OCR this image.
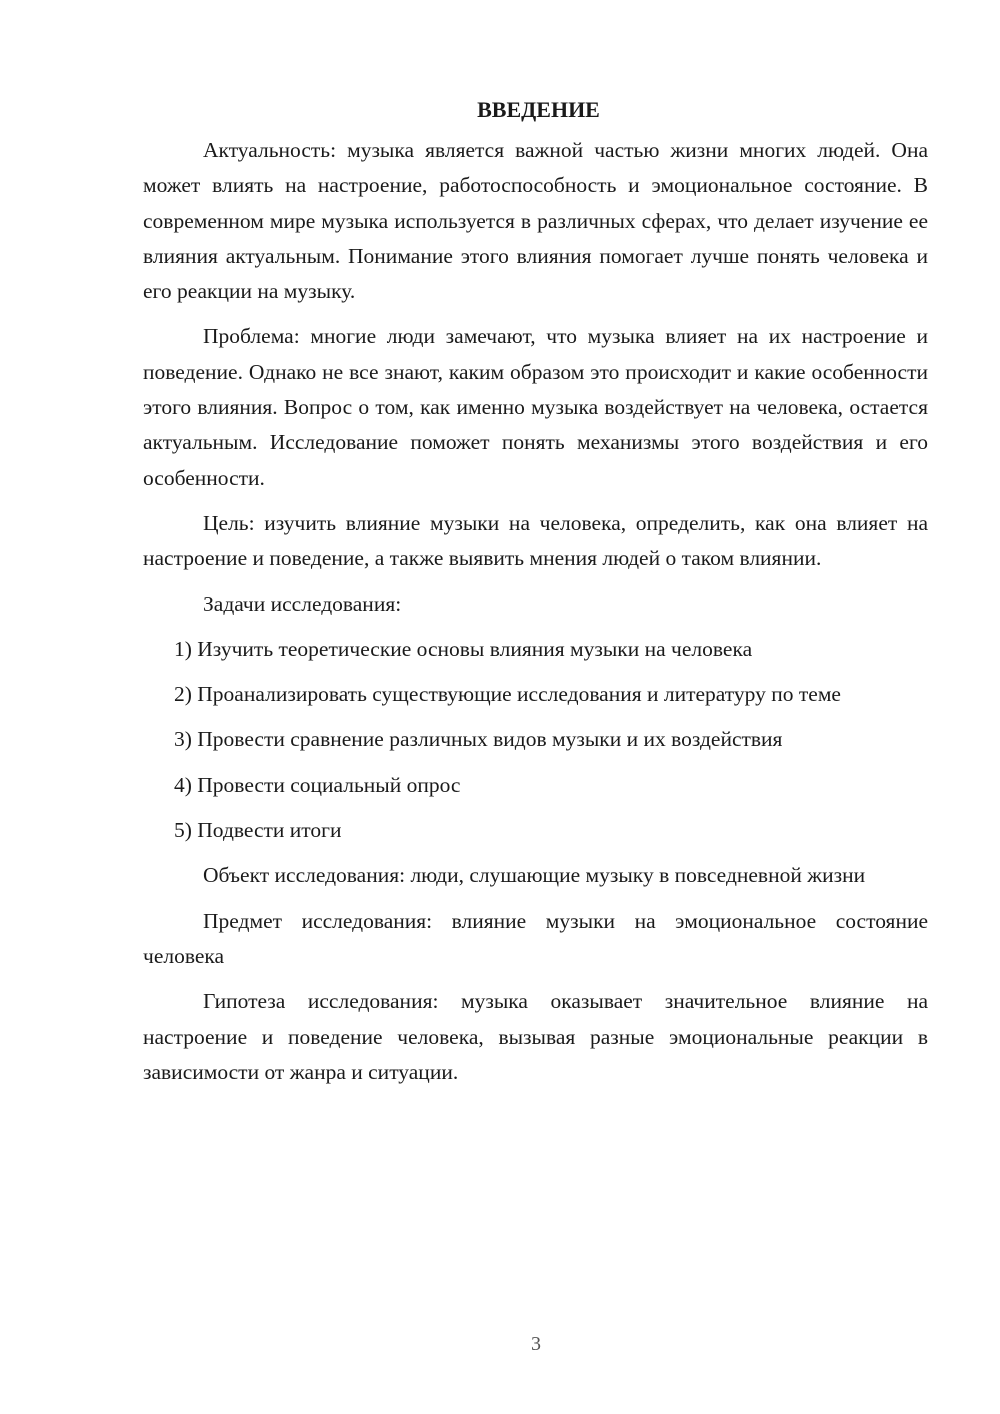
ВВЕДЕНИЕ

Актуальность: музыка является важной частью жизни многих людей. Она может влиять на настроение, работоспособность и эмоциональное состояние. В современном мире музыка используется в различных сферах, что делает изучение ее влияния актуальным. Понимание этого влияния помогает лучше понять человека и его реакции на музыку.

Проблема: многие люди замечают, что музыка влияет на их настроение и поведение. Однако не все знают, каким образом это происходит и какие особенности этого влияния. Вопрос о том, как именно музыка воздействует на человека, остается актуальным. Исследование поможет понять механизмы этого воздействия и его особенности.

Цель: изучить влияние музыки на человека, определить, как она влияет на настроение и поведение, а также выявить мнения людей о таком влиянии.

Задачи исследования:

1) Изучить теоретические основы влияния музыки на человека

2) Проанализировать существующие исследования и литературу по теме

3) Провести сравнение различных видов музыки и их воздействия

4) Провести социальный опрос

5) Подвести итоги

Объект исследования: люди, слушающие музыку в повседневной жизни

Предмет исследования: влияние музыки на эмоциональное состояние человека

Гипотеза исследования: музыка оказывает значительное влияние на настроение и поведение человека, вызывая разные эмоциональные реакции в зависимости от жанра и ситуации.

3
